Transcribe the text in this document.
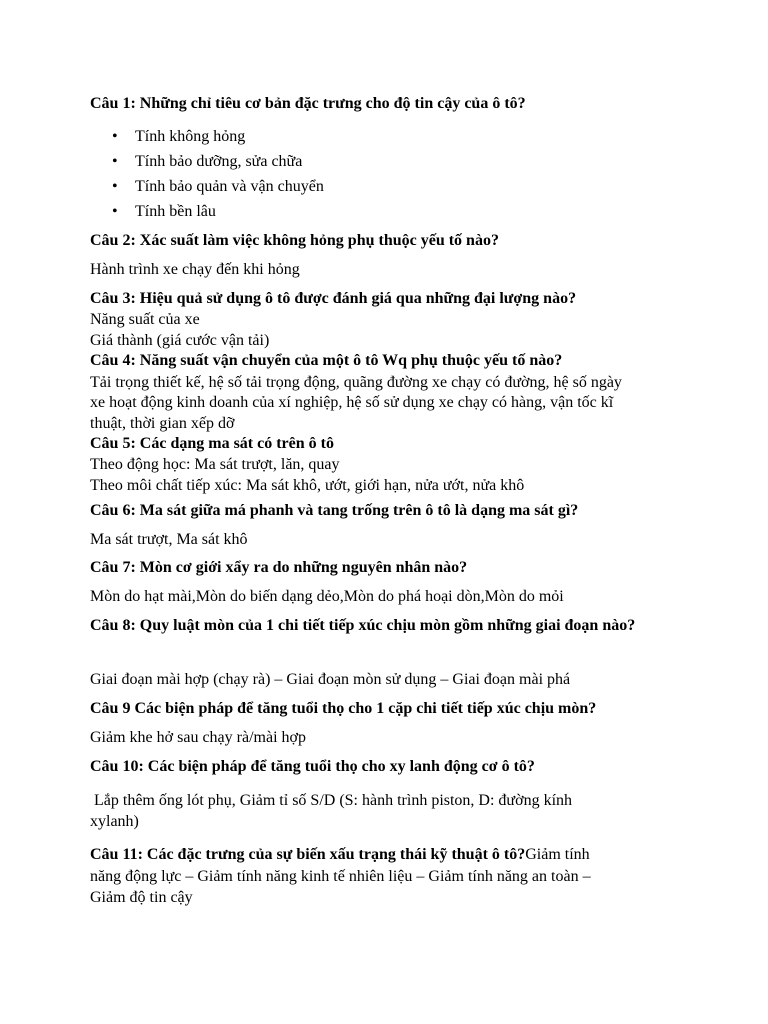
Câu 1: Những chỉ tiêu cơ bản đặc trưng cho độ tin cậy của ô tô?
• Tính không hỏng
• Tính bảo dưỡng, sửa chữa
• Tính bảo quản và vận chuyển
• Tính bền lâu
Câu 2: Xác suất làm việc không hỏng phụ thuộc yếu tố nào?
Hành trình xe chạy đến khi hỏng
Câu 3: Hiệu quả sử dụng ô tô được đánh giá qua những đại lượng nào?
Năng suất của xe
Giá thành (giá cước vận tải)
Câu 4: Năng suất vận chuyển của một ô tô Wq phụ thuộc yếu tố nào?
Tải trọng thiết kế, hệ số tải trọng động, quãng đường xe chạy có đường, hệ số ngày
xe hoạt động kinh doanh của xí nghiệp, hệ số sử dụng xe chạy có hàng, vận tốc kĩ
thuật, thời gian xếp dỡ
Câu 5: Các dạng ma sát có trên ô tô
Theo động học: Ma sát trượt, lăn, quay
Theo môi chất tiếp xúc: Ma sát khô, ướt, giới hạn, nửa ướt, nửa khô
Câu 6: Ma sát giữa má phanh và tang trống trên ô tô là dạng ma sát gì?
Ma sát trượt, Ma sát khô
Câu 7: Mòn cơ giới xẩy ra do những nguyên nhân nào?
Mòn do hạt mài,Mòn do biến dạng dẻo,Mòn do phá hoại dòn,Mòn do mỏi
Câu 8: Quy luật mòn của 1 chi tiết tiếp xúc chịu mòn gồm những giai đoạn nào?
Giai đoạn mài hợp (chạy rà) – Giai đoạn mòn sử dụng – Giai đoạn mài phá
Câu 9 Các biện pháp để tăng tuổi thọ cho 1 cặp chi tiết tiếp xúc chịu mòn?
Giảm khe hở sau chạy rà/mài hợp
Câu 10: Các biện pháp để tăng tuổi thọ cho xy lanh động cơ ô tô?
Lắp thêm ống lót phụ, Giảm tỉ số S/D (S: hành trình piston, D: đường kính
xylanh)
Câu 11: Các đặc trưng của sự biến xấu trạng thái kỹ thuật ô tô?Giảm tính
năng động lực – Giảm tính năng kinh tế nhiên liệu – Giảm tính năng an toàn –
Giảm độ tin cậy
